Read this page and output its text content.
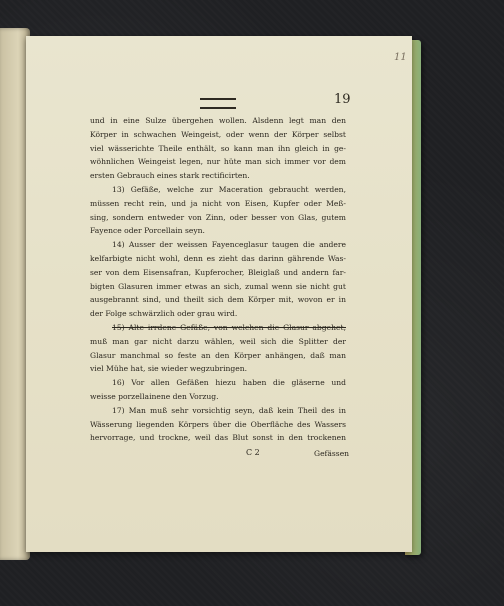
11
19
und in eine Sulze übergehen wollen. Alsdenn legt man den
Körper in schwachen Weingeist, oder wenn der Körper selbst
viel wässerichte Theile enthält, so kann man ihn gleich in ge-
wöhnlichen Weingeist legen, nur hüte man sich immer vor dem
ersten Gebrauch eines stark rectificirten.
13) Gefäße, welche zur Maceration gebraucht werden,
müssen recht rein, und ja nicht von Eisen, Kupfer oder Meß-
sing, sondern entweder von Zinn, oder besser von Glas, gutem
Fayence oder Porcellain seyn.
14) Ausser der weissen Fayenceglasur taugen die andere
kelfarbigte nicht wohl, denn es zieht das darinn gährende Was-
ser von dem Eisensafran, Kupferocher, Bleiglaß und andern far-
bigten Glasuren immer etwas an sich, zumal wenn sie nicht gut
ausgebrannt sind, und theilt sich dem Körper mit, wovon er in
der Folge schwärzlich oder grau wird.
15) Alte irrdene Gefäße, von welchen die Glasur abgehet,
muß man gar nicht darzu wählen, weil sich die Splitter der
Glasur manchmal so feste an den Körper anhängen, daß man
viel Mühe hat, sie wieder wegzubringen.
16) Vor allen Gefäßen hiezu haben die gläserne und
weisse porzellainene den Vorzug.
17) Man muß sehr vorsichtig seyn, daß kein Theil des in
Wässerung liegenden Körpers über die Oberfläche des Wassers
hervorrage, und trockne, weil das Blut sonst in den trockenen
C 2	Gefässen
